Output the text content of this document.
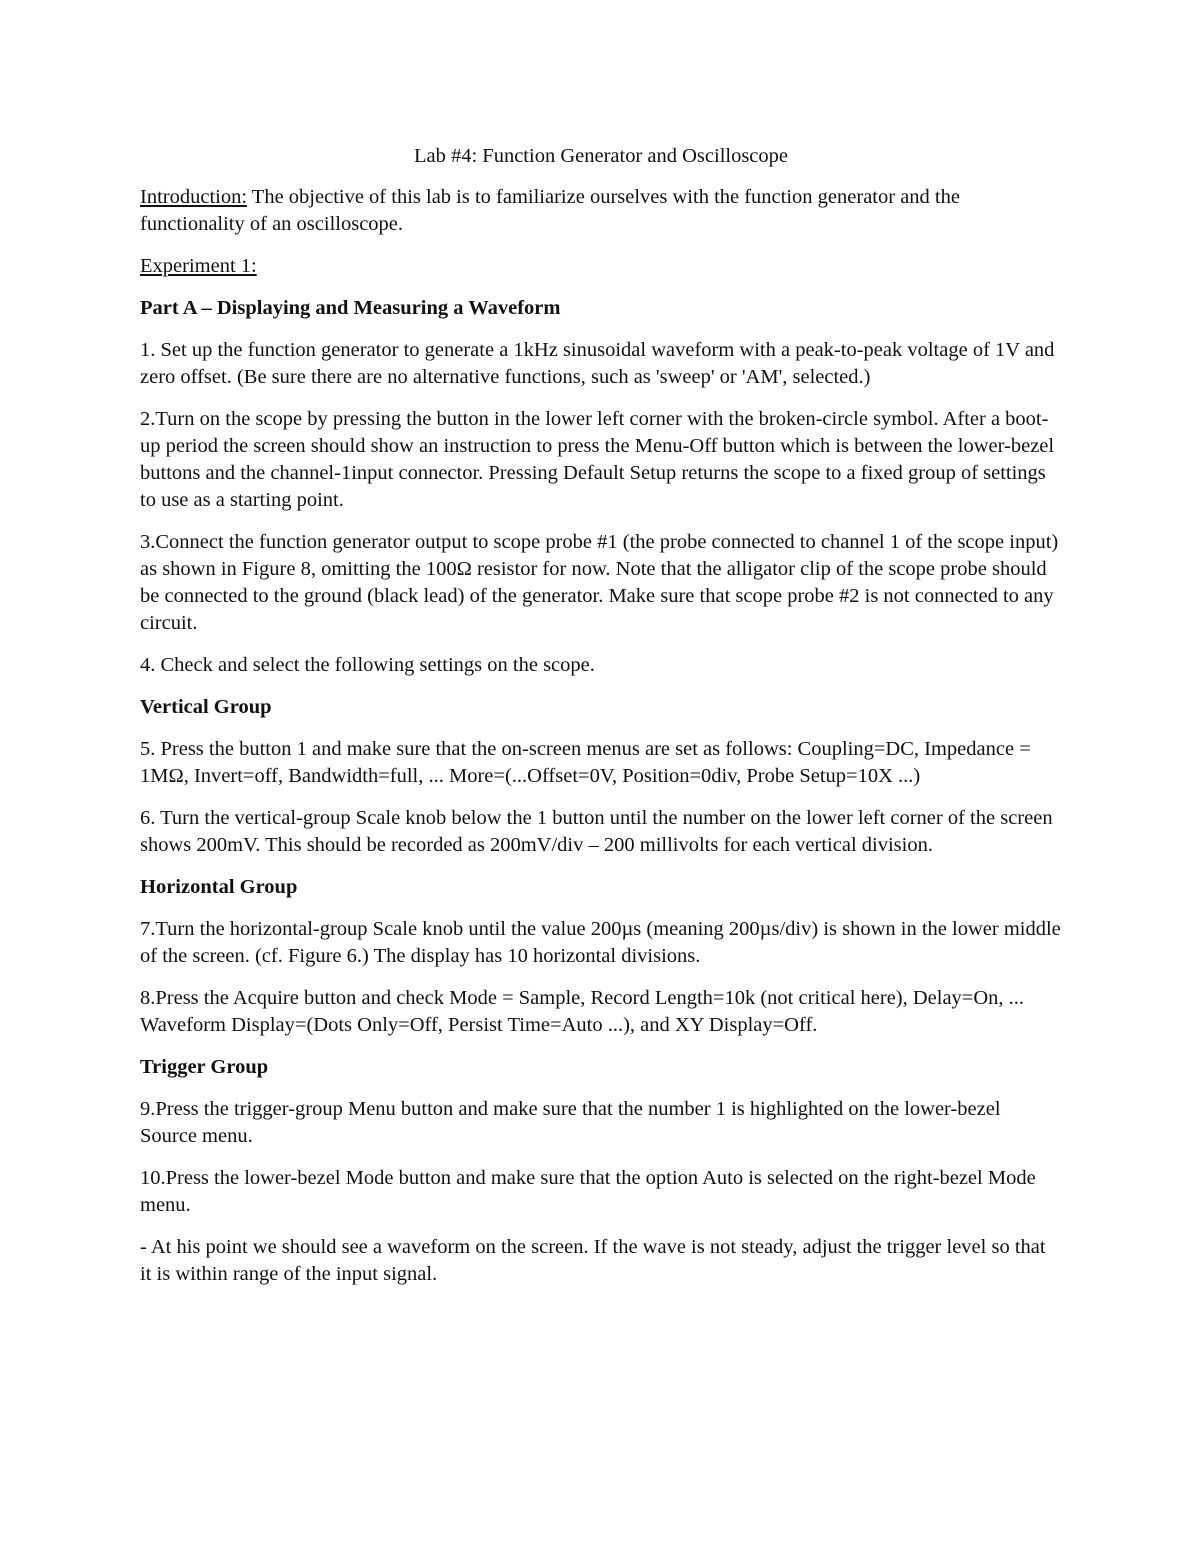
Lab #4: Function Generator and Oscilloscope

Introduction: The objective of this lab is to familiarize ourselves with the function generator and the functionality of an oscilloscope.

Experiment 1:

Part A – Displaying and Measuring a Waveform

1. Set up the function generator to generate a 1kHz sinusoidal waveform with a peak-to-peak voltage of 1V and zero offset. (Be sure there are no alternative functions, such as 'sweep' or 'AM', selected.)

2.Turn on the scope by pressing the button in the lower left corner with the broken-circle symbol. After a boot-up period the screen should show an instruction to press the Menu-Off button which is between the lower-bezel buttons and the channel-1input connector. Pressing Default Setup returns the scope to a fixed group of settings to use as a starting point.

3.Connect the function generator output to scope probe #1 (the probe connected to channel 1 of the scope input) as shown in Figure 8, omitting the 100Ω resistor for now. Note that the alligator clip of the scope probe should be connected to the ground (black lead) of the generator. Make sure that scope probe #2 is not connected to any circuit.

4. Check and select the following settings on the scope.

Vertical Group

5. Press the button 1 and make sure that the on-screen menus are set as follows: Coupling=DC, Impedance = 1MΩ, Invert=off, Bandwidth=full, ... More=(...Offset=0V, Position=0div, Probe Setup=10X ...)

6. Turn the vertical-group Scale knob below the 1 button until the number on the lower left corner of the screen shows 200mV. This should be recorded as 200mV/div – 200 millivolts for each vertical division.

Horizontal Group

7.Turn the horizontal-group Scale knob until the value 200µs (meaning 200µs/div) is shown in the lower middle of the screen. (cf. Figure 6.) The display has 10 horizontal divisions.

8.Press the Acquire button and check Mode = Sample, Record Length=10k (not critical here), Delay=On, ... Waveform Display=(Dots Only=Off, Persist Time=Auto ...), and XY Display=Off.

Trigger Group

9.Press the trigger-group Menu button and make sure that the number 1 is highlighted on the lower-bezel Source menu.

10.Press the lower-bezel Mode button and make sure that the option Auto is selected on the right-bezel Mode menu.

- At his point we should see a waveform on the screen. If the wave is not steady, adjust the trigger level so that it is within range of the input signal.
